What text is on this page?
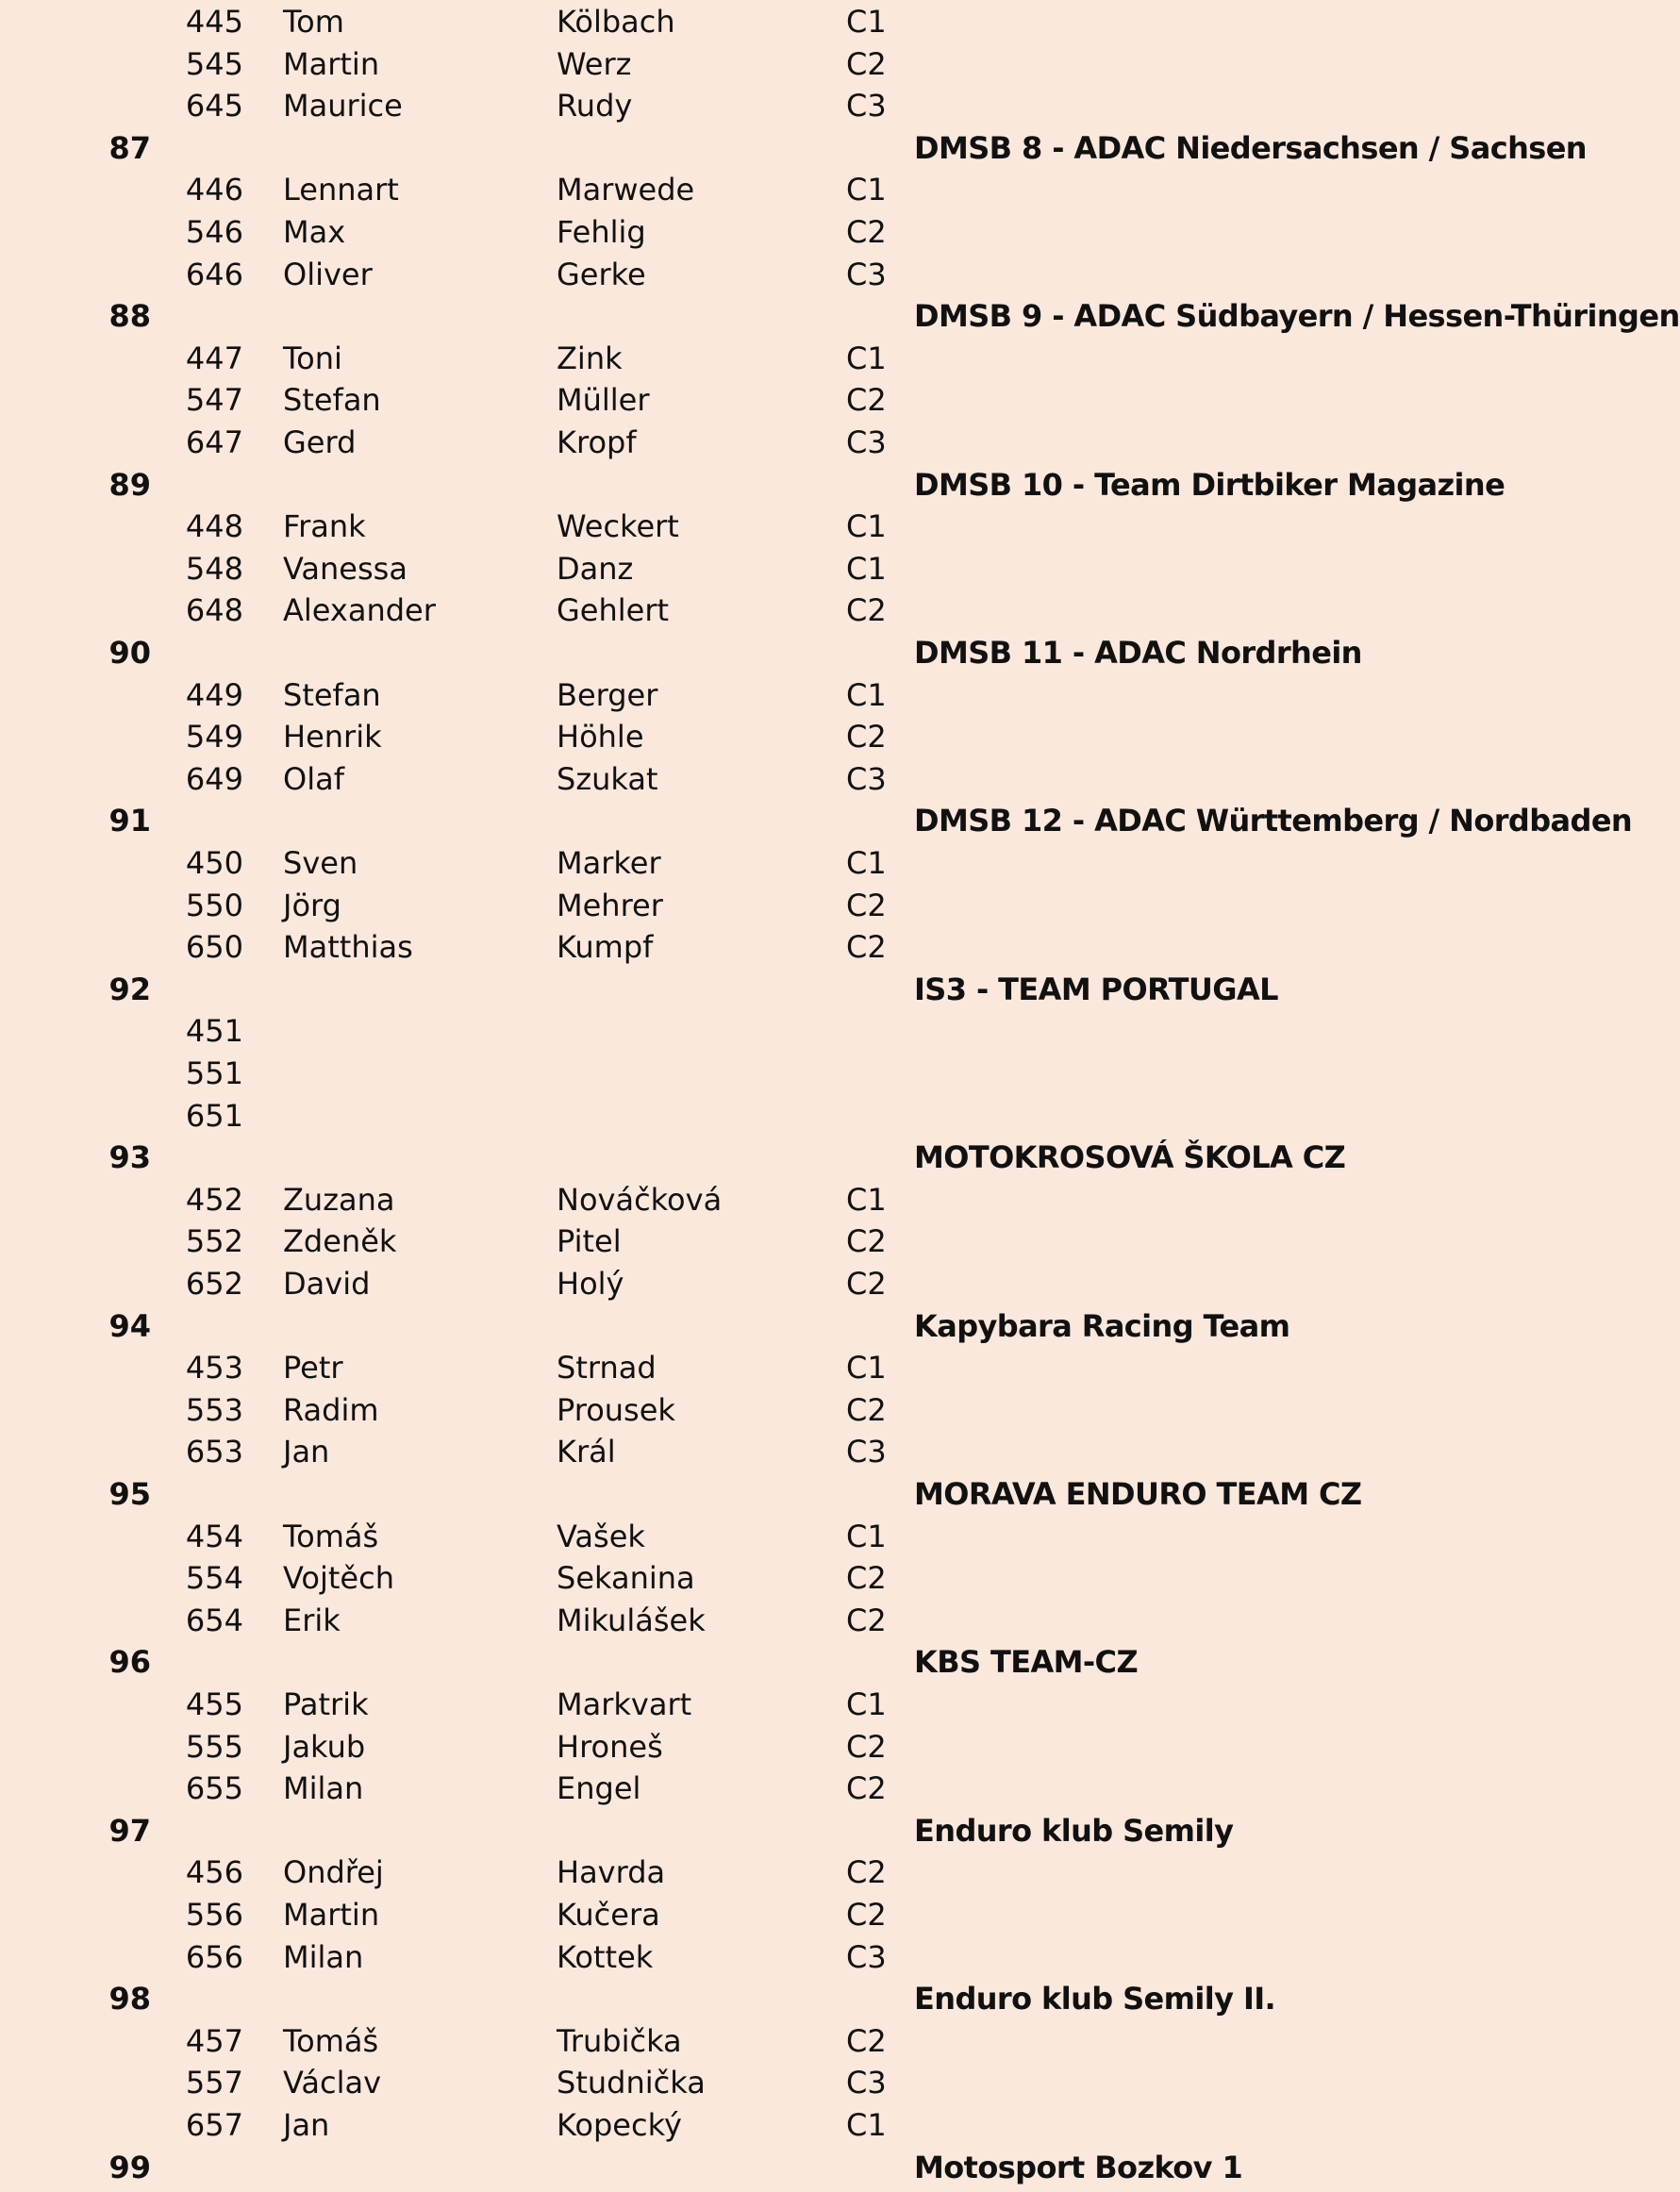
445 Tom	Kölbach	C1
545 Martin	Werz	C2
645 Maurice	Rudy	C3
87	DMSB 8 - ADAC Niedersachsen / Sachsen
446 Lennart	Marwede	C1
546 Max	Fehlig	C2
646 Oliver	Gerke	C3
88	DMSB 9 - ADAC Südbayern / Hessen-Thüringen
447 Toni	Zink	C1
547 Stefan	Müller	C2
647 Gerd	Kropf	C3
89	DMSB 10 - Team Dirtbiker Magazine
448 Frank	Weckert	C1
548 Vanessa	Danz	C1
648 Alexander	Gehlert	C2
90	DMSB 11 - ADAC Nordrhein
449 Stefan	Berger	C1
549 Henrik	Höhle	C2
649 Olaf	Szukat	C3
91	DMSB 12 - ADAC Württemberg / Nordbaden
450 Sven	Marker	C1
550 Jörg	Mehrer	C2
650 Matthias	Kumpf	C2
92	IS3 - TEAM PORTUGAL
451
551
651
93	MOTOKROSOVÁ ŠKOLA CZ
452 Zuzana	Nováčková	C1
552 Zdeněk	Pitel	C2
652 David	Holý	C2
94	Kapybara Racing Team
453 Petr	Strnad	C1
553 Radim	Prousek	C2
653 Jan	Král	C3
95	MORAVA ENDURO TEAM CZ
454 Tomáš	Vašek	C1
554 Vojtěch	Sekanina	C2
654 Erik	Mikulášek	C2
96	KBS TEAM-CZ
455 Patrik	Markvart	C1
555 Jakub	Hroneš	C2
655 Milan	Engel	C2
97	Enduro klub Semily
456 Ondřej	Havrda	C2
556 Martin	Kučera	C2
656 Milan	Kottek	C3
98	Enduro klub Semily II.
457 Tomáš	Trubička	C2
557 Václav	Studnička	C3
657 Jan	Kopecký	C1
99	Motosport Bozkov 1
